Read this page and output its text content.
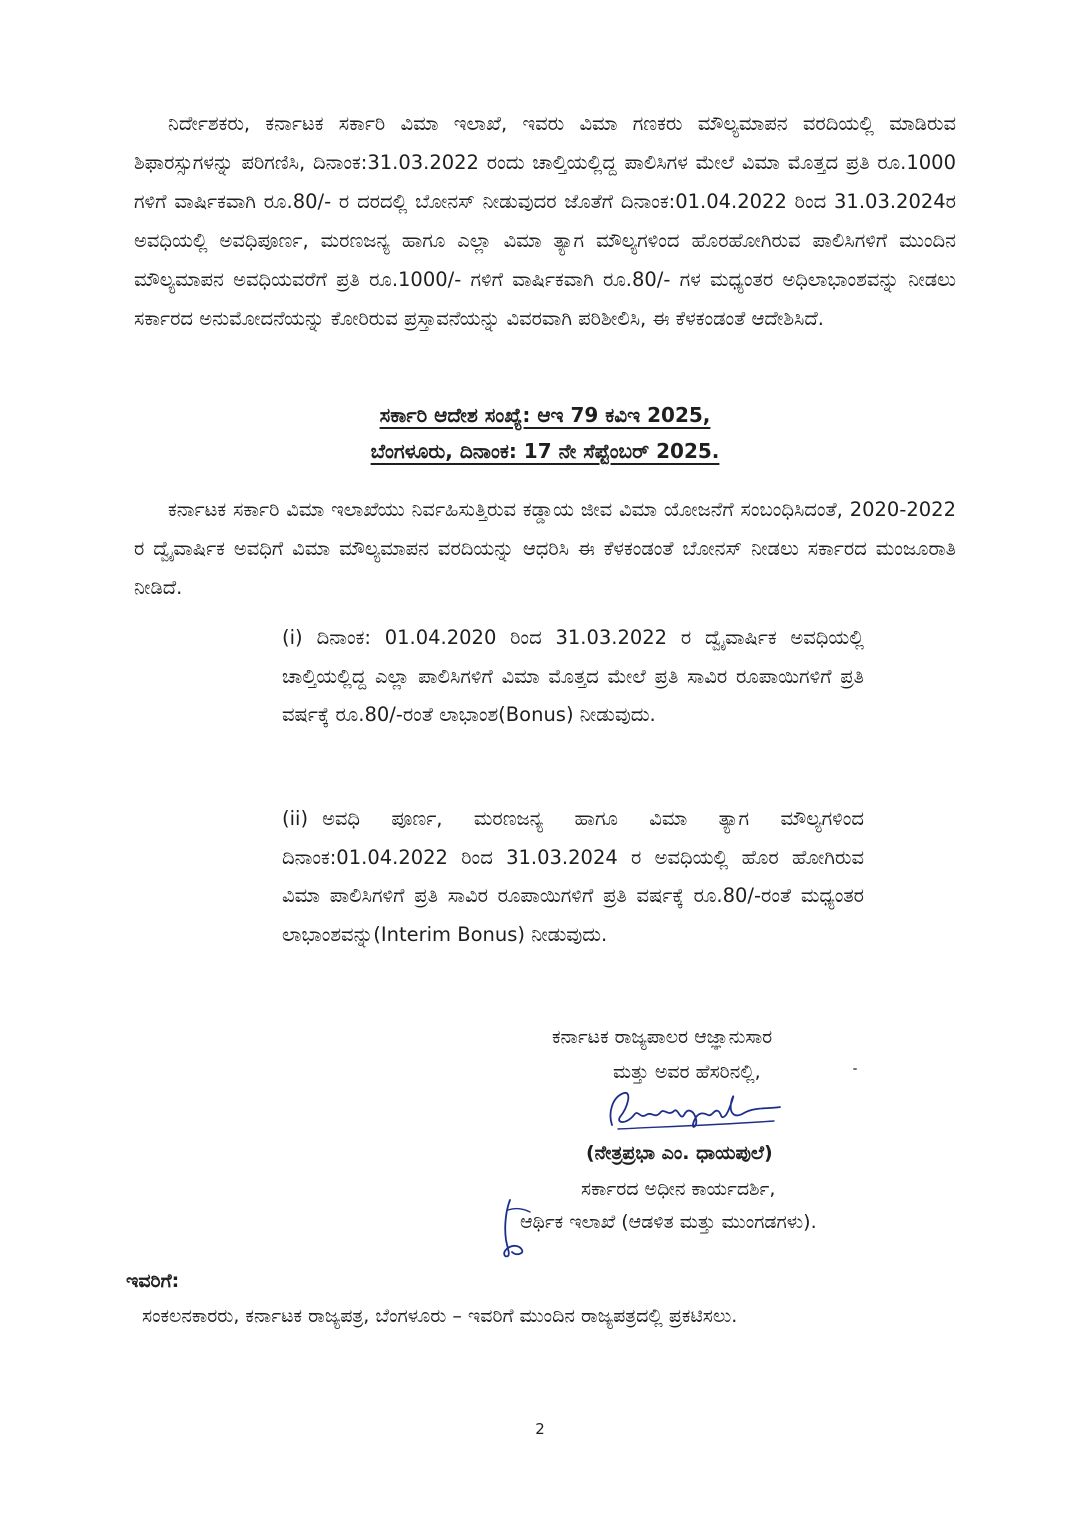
ನಿರ್ದೇಶಕರು, ಕರ್ನಾಟಕ ಸರ್ಕಾರಿ ವಿಮಾ ಇಲಾಖೆ, ಇವರು ವಿಮಾ ಗಣಕರು ಮೌಲ್ಯಮಾಪನ ವರದಿಯಲ್ಲಿ ಮಾಡಿರುವ ಶಿಫಾರಸ್ಸುಗಳನ್ನು ಪರಿಗಣಿಸಿ, ದಿನಾಂಕ:31.03.2022 ರಂದು ಚಾಲ್ತಿಯಲ್ಲಿದ್ದ ಪಾಲಿಸಿಗಳ ಮೇಲೆ ವಿಮಾ ಮೊತ್ತದ ಪ್ರತಿ ರೂ.1000 ಗಳಿಗೆ ವಾರ್ಷಿಕವಾಗಿ ರೂ.80/- ರ ದರದಲ್ಲಿ ಬೋನಸ್ ನೀಡುವುದರ ಜೊತೆಗೆ ದಿನಾಂಕ:01.04.2022 ರಿಂದ 31.03.2024ರ ಅವಧಿಯಲ್ಲಿ ಅವಧಿಪೂರ್ಣ, ಮರಣಜನ್ಯ ಹಾಗೂ ಎಲ್ಲಾ ವಿಮಾ ತ್ಯಾಗ ಮೌಲ್ಯಗಳಿಂದ ಹೊರಹೋಗಿರುವ ಪಾಲಿಸಿಗಳಿಗೆ ಮುಂದಿನ ಮೌಲ್ಯಮಾಪನ ಅವಧಿಯವರೆಗೆ ಪ್ರತಿ ರೂ.1000/- ಗಳಿಗೆ ವಾರ್ಷಿಕವಾಗಿ ರೂ.80/- ಗಳ ಮಧ್ಯಂತರ ಅಧಿಲಾಭಾಂಶವನ್ನು ನೀಡಲು ಸರ್ಕಾರದ ಅನುಮೋದನೆಯನ್ನು ಕೋರಿರುವ ಪ್ರಸ್ತಾವನೆಯನ್ನು ವಿವರವಾಗಿ ಪರಿಶೀಲಿಸಿ, ಈ ಕೆಳಕಂಡಂತೆ ಆದೇಶಿಸಿದೆ.

ಸರ್ಕಾರಿ ಆದೇಶ ಸಂಖ್ಯೆ: ಆಇ 79 ಕವಿಇ 2025,
ಬೆಂಗಳೂರು, ದಿನಾಂಕ: 17 ನೇ ಸೆಪ್ಟೆಂಬರ್ 2025.

ಕರ್ನಾಟಕ ಸರ್ಕಾರಿ ವಿಮಾ ಇಲಾಖೆಯು ನಿರ್ವಹಿಸುತ್ತಿರುವ ಕಡ್ಡಾಯ ಜೀವ ವಿಮಾ ಯೋಜನೆಗೆ ಸಂಬಂಧಿಸಿದಂತೆ, 2020-2022 ರ ದ್ವೈವಾರ್ಷಿಕ ಅವಧಿಗೆ ವಿಮಾ ಮೌಲ್ಯಮಾಪನ ವರದಿಯನ್ನು ಆಧರಿಸಿ ಈ ಕೆಳಕಂಡಂತೆ ಬೋನಸ್ ನೀಡಲು ಸರ್ಕಾರದ ಮಂಜೂರಾತಿ ನೀಡಿದೆ.

(i) ದಿನಾಂಕ: 01.04.2020 ರಿಂದ 31.03.2022 ರ ದ್ವೈವಾರ್ಷಿಕ ಅವಧಿಯಲ್ಲಿ ಚಾಲ್ತಿಯಲ್ಲಿದ್ದ ಎಲ್ಲಾ ಪಾಲಿಸಿಗಳಿಗೆ ವಿಮಾ ಮೊತ್ತದ ಮೇಲೆ ಪ್ರತಿ ಸಾವಿರ ರೂಪಾಯಿಗಳಿಗೆ ಪ್ರತಿ ವರ್ಷಕ್ಕೆ ರೂ.80/-ರಂತೆ ಲಾಭಾಂಶ(Bonus) ನೀಡುವುದು.
(ii) ಅವಧಿ ಪೂರ್ಣ, ಮರಣಜನ್ಯ ಹಾಗೂ ವಿಮಾ ತ್ಯಾಗ ಮೌಲ್ಯಗಳಿಂದ ದಿನಾಂಕ:01.04.2022 ರಿಂದ 31.03.2024 ರ ಅವಧಿಯಲ್ಲಿ ಹೊರ ಹೋಗಿರುವ ವಿಮಾ ಪಾಲಿಸಿಗಳಿಗೆ ಪ್ರತಿ ಸಾವಿರ ರೂಪಾಯಿಗಳಿಗೆ ಪ್ರತಿ ವರ್ಷಕ್ಕೆ ರೂ.80/-ರಂತೆ ಮಧ್ಯಂತರ ಲಾಭಾಂಶವನ್ನು(Interim Bonus) ನೀಡುವುದು.
ಕರ್ನಾಟಕ ರಾಜ್ಯಪಾಲರ ಆಜ್ಞಾನುಸಾರ
ಮತ್ತು ಅವರ ಹೆಸರಿನಲ್ಲಿ,
(ನೇತ್ರಪ್ರಭಾ ಎಂ. ಧಾಯಪುಲೆ)
ಸರ್ಕಾರದ ಅಧೀನ ಕಾರ್ಯದರ್ಶಿ,
ಆರ್ಥಿಕ ಇಲಾಖೆ (ಆಡಳಿತ ಮತ್ತು ಮುಂಗಡಗಳು).
ಇವರಿಗೆ:
ಸಂಕಲನಕಾರರು, ಕರ್ನಾಟಕ ರಾಜ್ಯಪತ್ರ, ಬೆಂಗಳೂರು – ಇವರಿಗೆ ಮುಂದಿನ ರಾಜ್ಯಪತ್ರದಲ್ಲಿ ಪ್ರಕಟಿಸಲು.
2
